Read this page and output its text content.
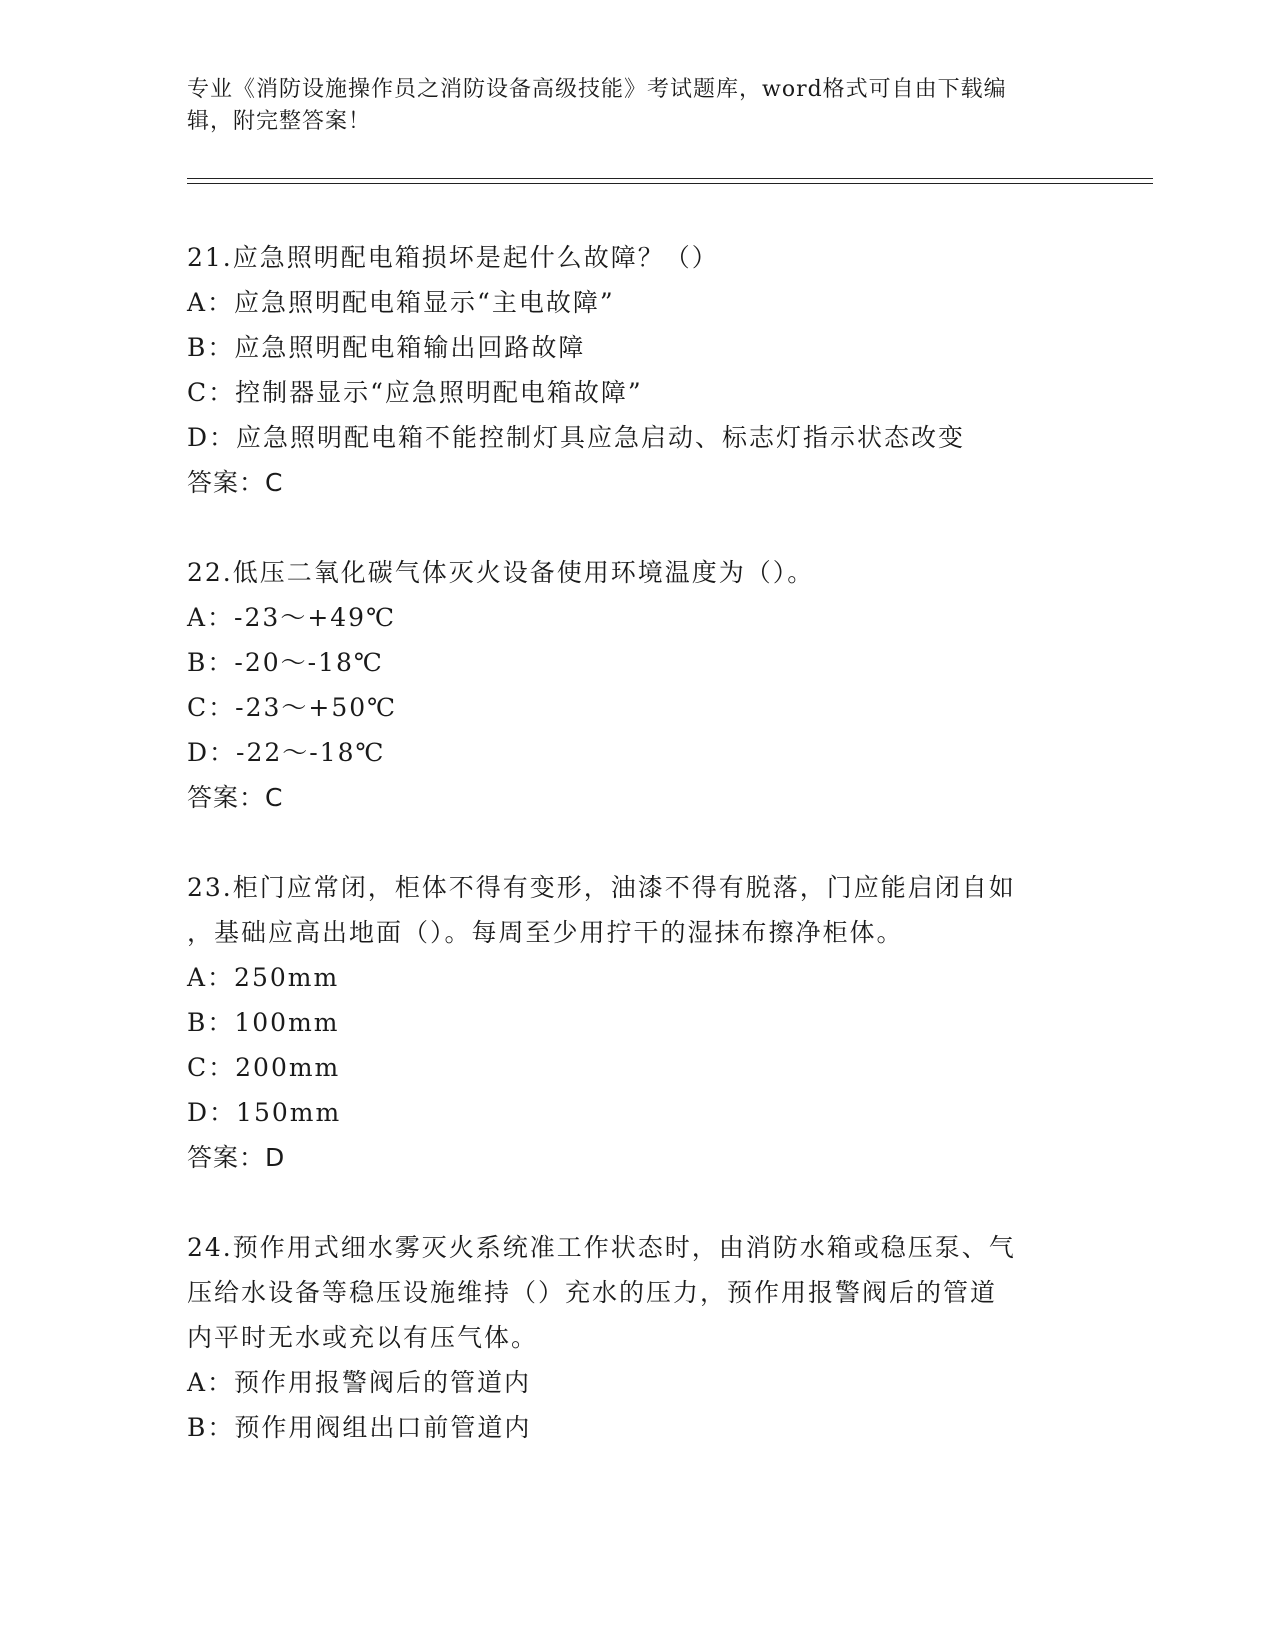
专业《消防设施操作员之消防设备高级技能》考试题库，word格式可自由下载编
辑，附完整答案！
21.应急照明配电箱损坏是起什么故障？（）
A：应急照明配电箱显示“主电故障”
B：应急照明配电箱输出回路故障
C：控制器显示“应急照明配电箱故障”
D：应急照明配电箱不能控制灯具应急启动、标志灯指示状态改变
答案：C
22.低压二氧化碳气体灭火设备使用环境温度为（）。
A：-23～+49℃
B：-20～-18℃
C：-23～+50℃
D：-22～-18℃
答案：C
23.柜门应常闭，柜体不得有变形，油漆不得有脱落，门应能启闭自如
，基础应高出地面（）。每周至少用拧干的湿抹布擦净柜体。
A：250mm
B：100mm
C：200mm
D：150mm
答案：D
24.预作用式细水雾灭火系统准工作状态时，由消防水箱或稳压泵、气
压给水设备等稳压设施维持（）充水的压力，预作用报警阀后的管道
内平时无水或充以有压气体。
A：预作用报警阀后的管道内
B：预作用阀组出口前管道内
